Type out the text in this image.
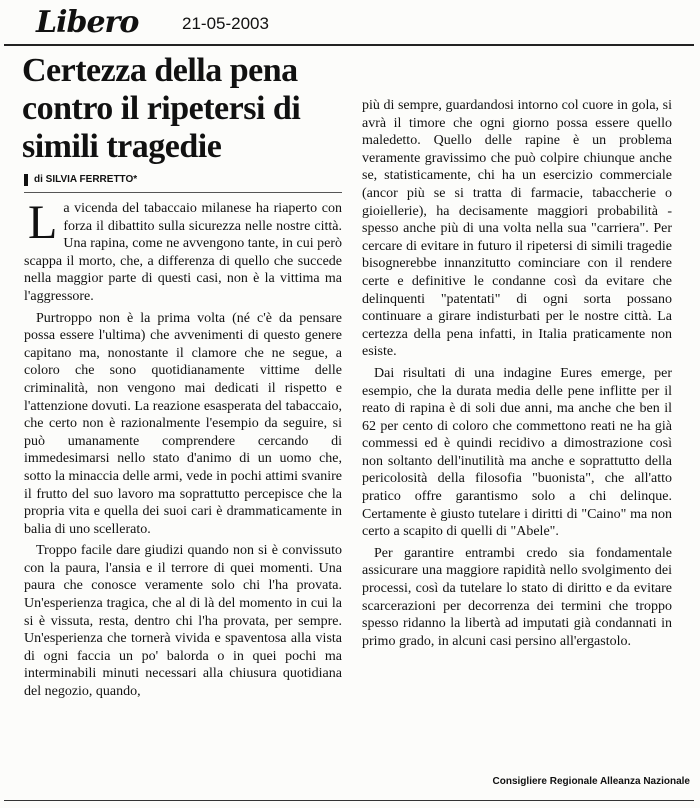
Libero	21-05-2003
Certezza della pena contro il ripetersi di simili tragedie
di SILVIA FERRETTO*

La vicenda del tabaccaio milanese ha riaperto con forza il dibattito sulla sicurezza nelle nostre città. Una rapina, come ne avvengono tante, in cui però scappa il morto, che, a differenza di quello che succede nella maggior parte di questi casi, non è la vittima ma l'aggressore.

Purtroppo non è la prima volta (né c'è da pensare possa essere l'ultima) che avvenimenti di questo genere capitano ma, nonostante il clamore che ne segue, a coloro che sono quotidianamente vittime delle criminalità, non vengono mai dedicati il rispetto e l'attenzione dovuti. La reazione esasperata del tabaccaio, che certo non è razionalmente l'esempio da seguire, si può umanamente comprendere cercando di immedesimarsi nello stato d'animo di un uomo che, sotto la minaccia delle armi, vede in pochi attimi svanire il frutto del suo lavoro ma soprattutto percepisce che la propria vita e quella dei suoi cari è drammaticamente in balia di uno scellerato.

Troppo facile dare giudizi quando non si è convissuto con la paura, l'ansia e il terrore di quei momenti. Una paura che conosce veramente solo chi l'ha provata. Un'esperienza tragica, che al di là del momento in cui la si è vissuta, resta, dentro chi l'ha provata, per sempre. Un'esperienza che tornerà vivida e spaventosa alla vista di ogni faccia un po' balorda o in quei pochi ma interminabili minuti necessari alla chiusura quotidiana del negozio, quando,

più di sempre, guardandosi intorno col cuore in gola, si avrà il timore che ogni giorno possa essere quello maledetto. Quello delle rapine è un problema veramente gravissimo che può colpire chiunque anche se, statisticamente, chi ha un esercizio commerciale (ancor più se si tratta di farmacie, tabaccherie o gioiellerie), ha decisamente maggiori probabilità - spesso anche più di una volta nella sua "carriera". Per cercare di evitare in futuro il ripetersi di simili tragedie bisognerebbe innanzitutto cominciare con il rendere certe e definitive le condanne così da evitare che delinquenti "patentati" di ogni sorta possano continuare a girare indisturbati per le nostre città. La certezza della pena infatti, in Italia praticamente non esiste.

Dai risultati di una indagine Eures emerge, per esempio, che la durata media delle pene inflitte per il reato di rapina è di soli due anni, ma anche che ben il 62 per cento di coloro che commettono reati ne ha già commessi ed è quindi recidivo a dimostrazione così non soltanto dell'inutilità ma anche e soprattutto della pericolosità della filosofia "buonista", che all'atto pratico offre garantismo solo a chi delinque. Certamente è giusto tutelare i diritti di "Caino" ma non certo a scapito di quelli di "Abele".

Per garantire entrambi credo sia fondamentale assicurare una maggiore rapidità nello svolgimento dei processi, così da tutelare lo stato di diritto e da evitare scarcerazioni per decorrenza dei termini che troppo spesso ridanno la libertà ad imputati già condannati in primo grado, in alcuni casi persino all'ergastolo.

Consigliere Regionale Alleanza Nazionale
